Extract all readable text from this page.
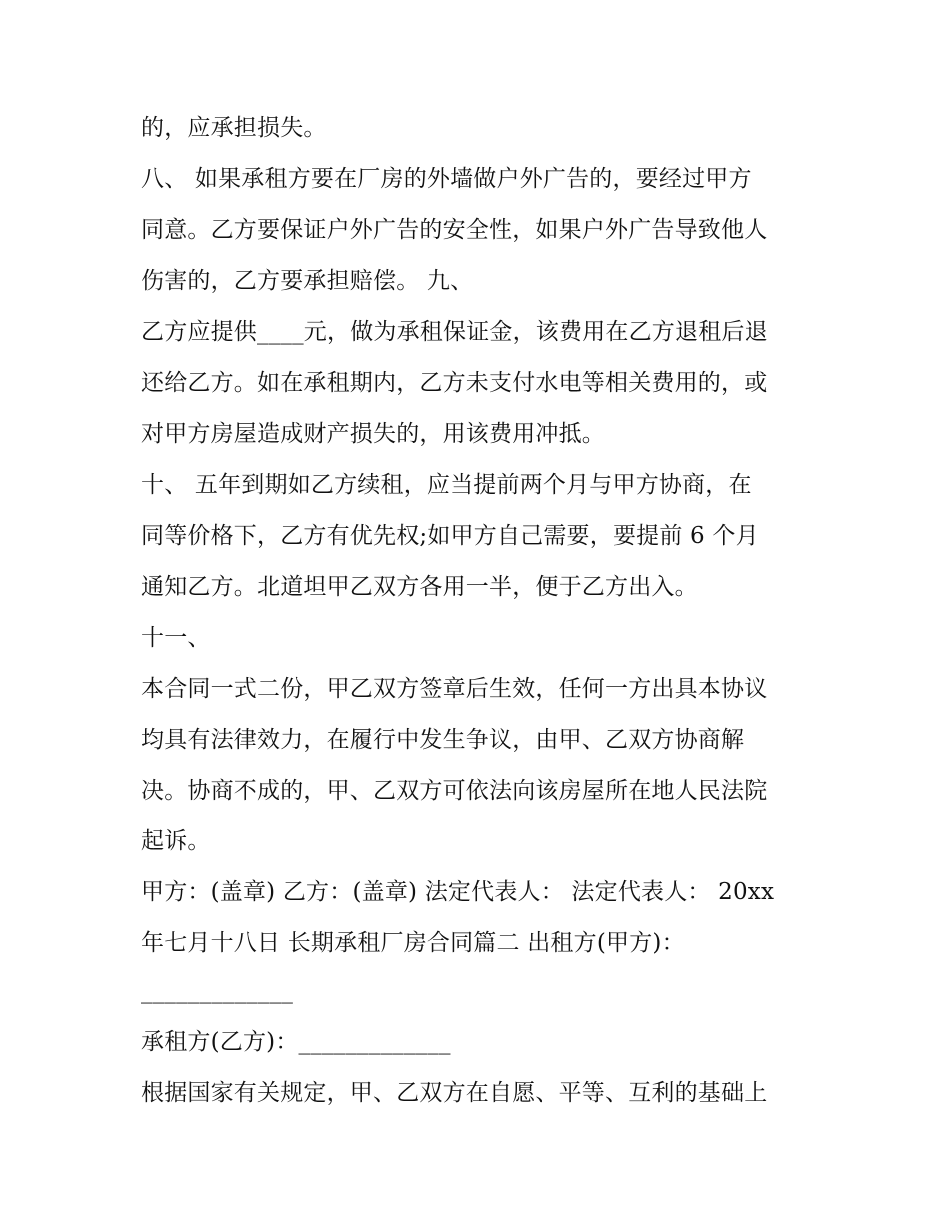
的，应承担损失。
八、 如果承租方要在厂房的外墙做户外广告的，要经过甲方
同意。乙方要保证户外广告的安全性，如果户外广告导致他人
伤害的，乙方要承担赔偿。 九、
乙方应提供____元，做为承租保证金，该费用在乙方退租后退
还给乙方。如在承租期内，乙方未支付水电等相关费用的，或
对甲方房屋造成财产损失的，用该费用冲抵。
十、 五年到期如乙方续租，应当提前两个月与甲方协商，在
同等价格下，乙方有优先权;如甲方自己需要，要提前 6 个月
通知乙方。北道坦甲乙双方各用一半，便于乙方出入。
十一、
本合同一式二份，甲乙双方签章后生效，任何一方出具本协议
均具有法律效力，在履行中发生争议，由甲、乙双方协商解
决。协商不成的，甲、乙双方可依法向该房屋所在地人民法院
起诉。
甲方：(盖章) 乙方：(盖章) 法定代表人： 法定代表人： 20xx
年七月十八日 长期承租厂房合同篇二 出租方(甲方)：
_____________
承租方(乙方)：_____________
根据国家有关规定，甲、乙双方在自愿、平等、互利的基础上
